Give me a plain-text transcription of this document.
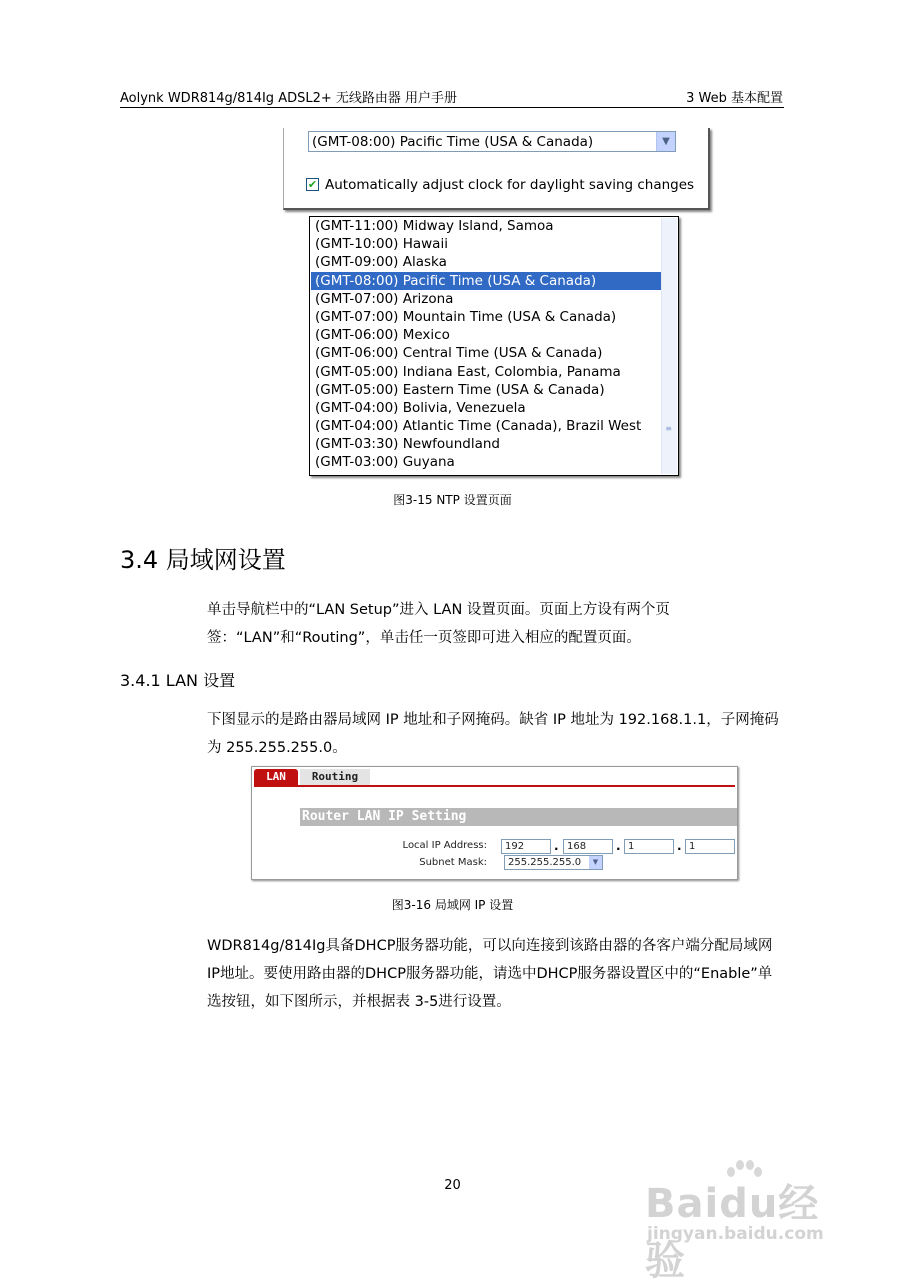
Aolynk WDR814g/814Ig ADSL2+ 无线路由器 用户手册	3 Web 基本配置
(GMT-08:00) Pacific Time (USA & Canada)	▼
✔ Automatically adjust clock for daylight saving changes
(GMT-11:00) Midway Island, Samoa
(GMT-10:00) Hawaii
(GMT-09:00) Alaska
(GMT-08:00) Pacific Time (USA & Canada)
(GMT-07:00) Arizona
(GMT-07:00) Mountain Time (USA & Canada)
(GMT-06:00) Mexico
(GMT-06:00) Central Time (USA & Canada)
(GMT-05:00) Indiana East, Colombia, Panama
(GMT-05:00) Eastern Time (USA & Canada)
(GMT-04:00) Bolivia, Venezuela
(GMT-04:00) Atlantic Time (Canada), Brazil West
(GMT-03:30) Newfoundland
(GMT-03:00) Guyana
≡
图3-15 NTP 设置页面
3.4 局域网设置
单击导航栏中的“LAN Setup”进入 LAN 设置页面。页面上方设有两个页签：“LAN”和“Routing”，单击任一页签即可进入相应的配置页面。
3.4.1 LAN 设置
下图显示的是路由器局域网 IP 地址和子网掩码。缺省 IP 地址为 192.168.1.1，子网掩码为 255.255.255.0。
LAN	Routing
Router LAN IP Setting
Local IP Address:	192	. 168	. 1	. 1
Subnet Mask:	255.255.255.0	▼
图3-16 局域网 IP 设置
WDR814g/814Ig具备DHCP服务器功能，可以向连接到该路由器的各客户端分配局域网IP地址。要使用路由器的DHCP服务器功能，请选中DHCP服务器设置区中的“Enable”单选按钮，如下图所示，并根据表 3-5进行设置。
20	Baidu经验
jingyan.baidu.com
